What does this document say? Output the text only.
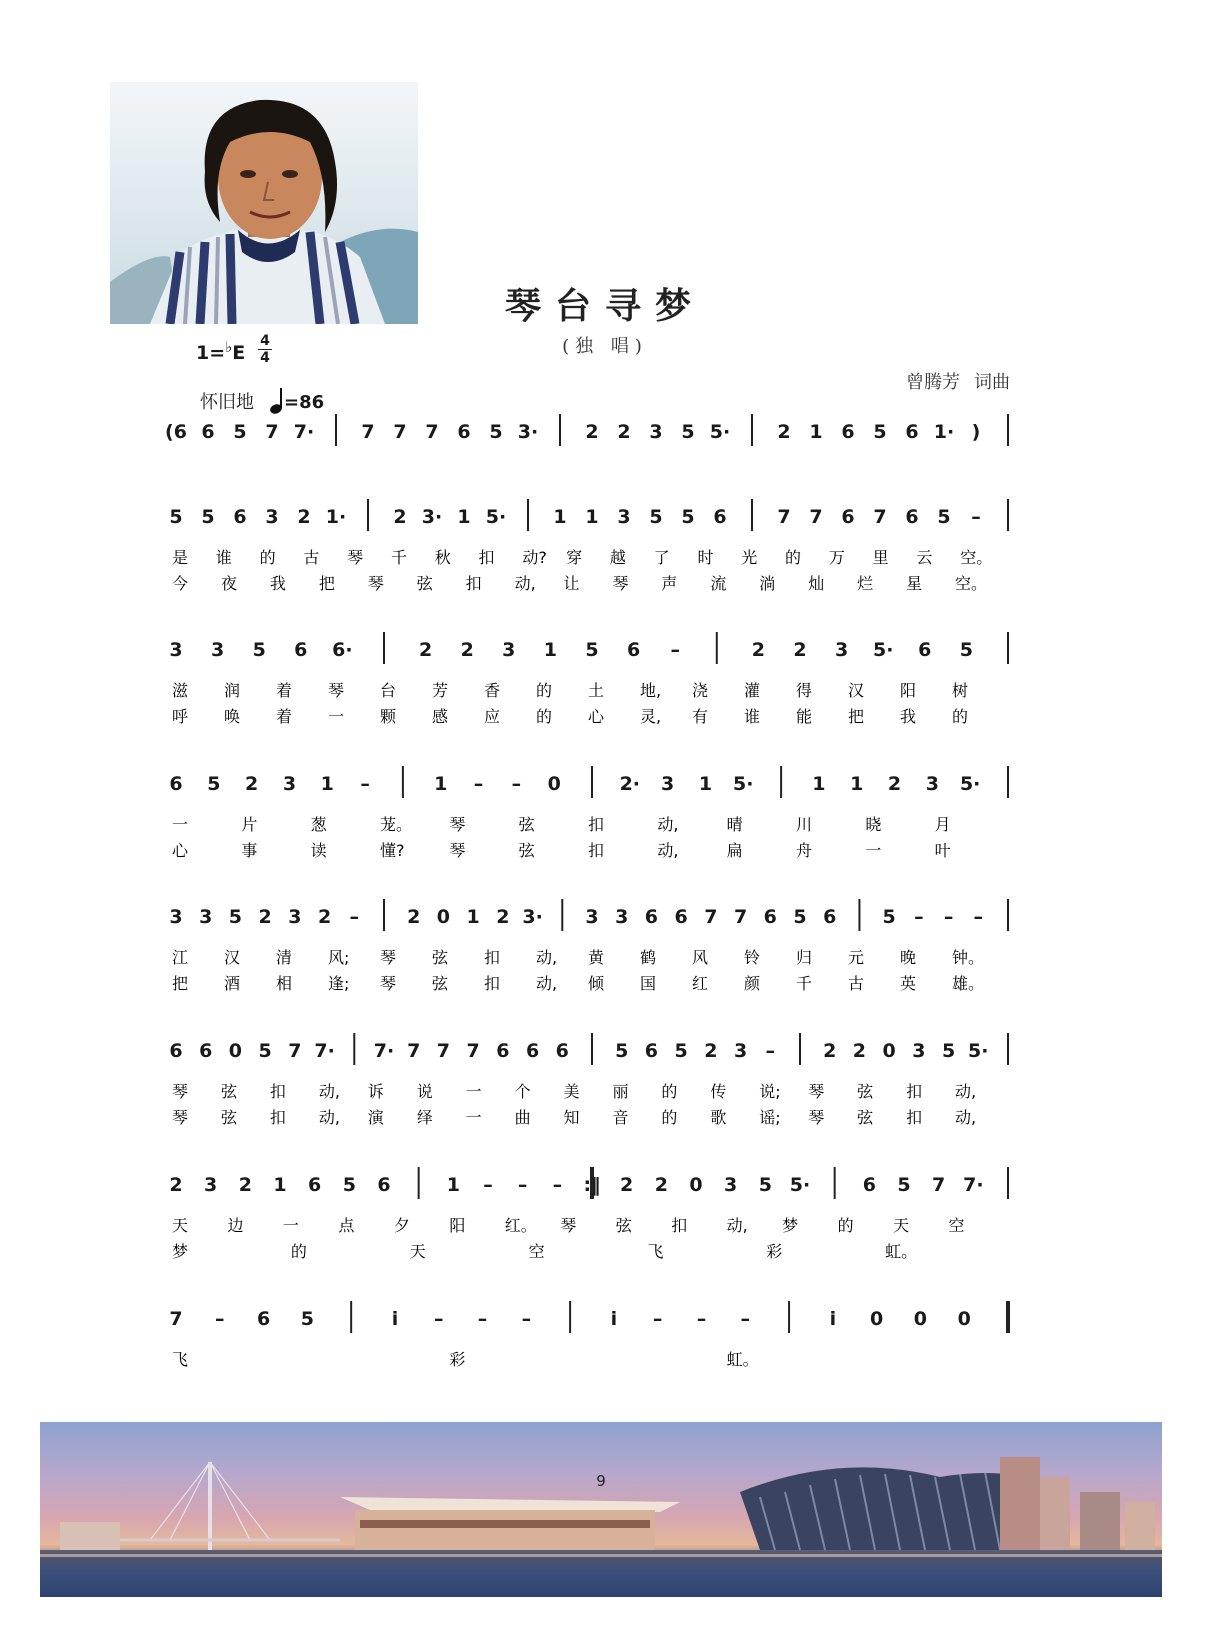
琴台寻梦
(独 唱)
1=♭E
4
4
曾腾芳 词曲
怀旧地 =86
(6 6 5 7 7· 7 7 7 6 5 3· 2 2 3 5 5· 2 1 6 5 6 1· )
5 5 6 3 2 1· 2 3· 1 5· 1 1 3 5 5 6	7 7 6 7 6 5 –
是 谁 的 古 琴 千 秋 扣 动? 穿 越 了 时 光 的 万 里 云 空。
今 夜 我 把 琴 弦 扣 动, 让 琴 声 流 淌 灿 烂 星 空。
3 3 5 6 6·	2 2 3 1 5 6 –	2 2 3 5· 6 5
滋 润 着 琴 台 芳 香 的 土 地, 浇 灌 得 汉 阳 树
呼 唤 着 一 颗 感 应 的 心 灵, 有 谁 能 把 我 的
6 5 2 3 1 –	1 – – 0	2· 3 1 5·	1 1 2 3 5·
一	片	葱	茏。 琴	弦	扣	动,	晴	川	晓	月
心	事	读	懂?	琴	弦	扣	动,	扁	舟	一	叶
3 3 5 2 3 2 –	2 0 1 2 3· 3 3 6 6 7 7 6 5 6 5 – – –
江 汉 清 风; 琴 弦 扣 动, 黄 鹤 风 铃 归 元 晚 钟。
把 酒 相 逢; 琴 弦 扣 动, 倾 国 红 颜 千 古 英 雄。
6 6 0 5 7 7· 7· 7 7 7 6 6 6 5 6 5 2 3 –	2 2 0 3 5 5·
琴 弦 扣 动, 诉 说 一 个 美 丽 的 传 说; 琴 弦 扣 动,
琴 弦 扣 动, 演 绎 一 曲 知 音 的 歌 谣; 琴 弦 扣 动,
2 3 2 1 6 5 6	1 – – – :‖ 2 2 0 3 5 5·	6 5 7 7·
天 边 一 点 夕 阳 红。 琴 弦 扣 动, 梦 的 天 空
梦	的	天	空	飞	彩	虹。
7 – 6 5	i – – –	i – – –	i 0 0 0
飞	彩	虹。
9
